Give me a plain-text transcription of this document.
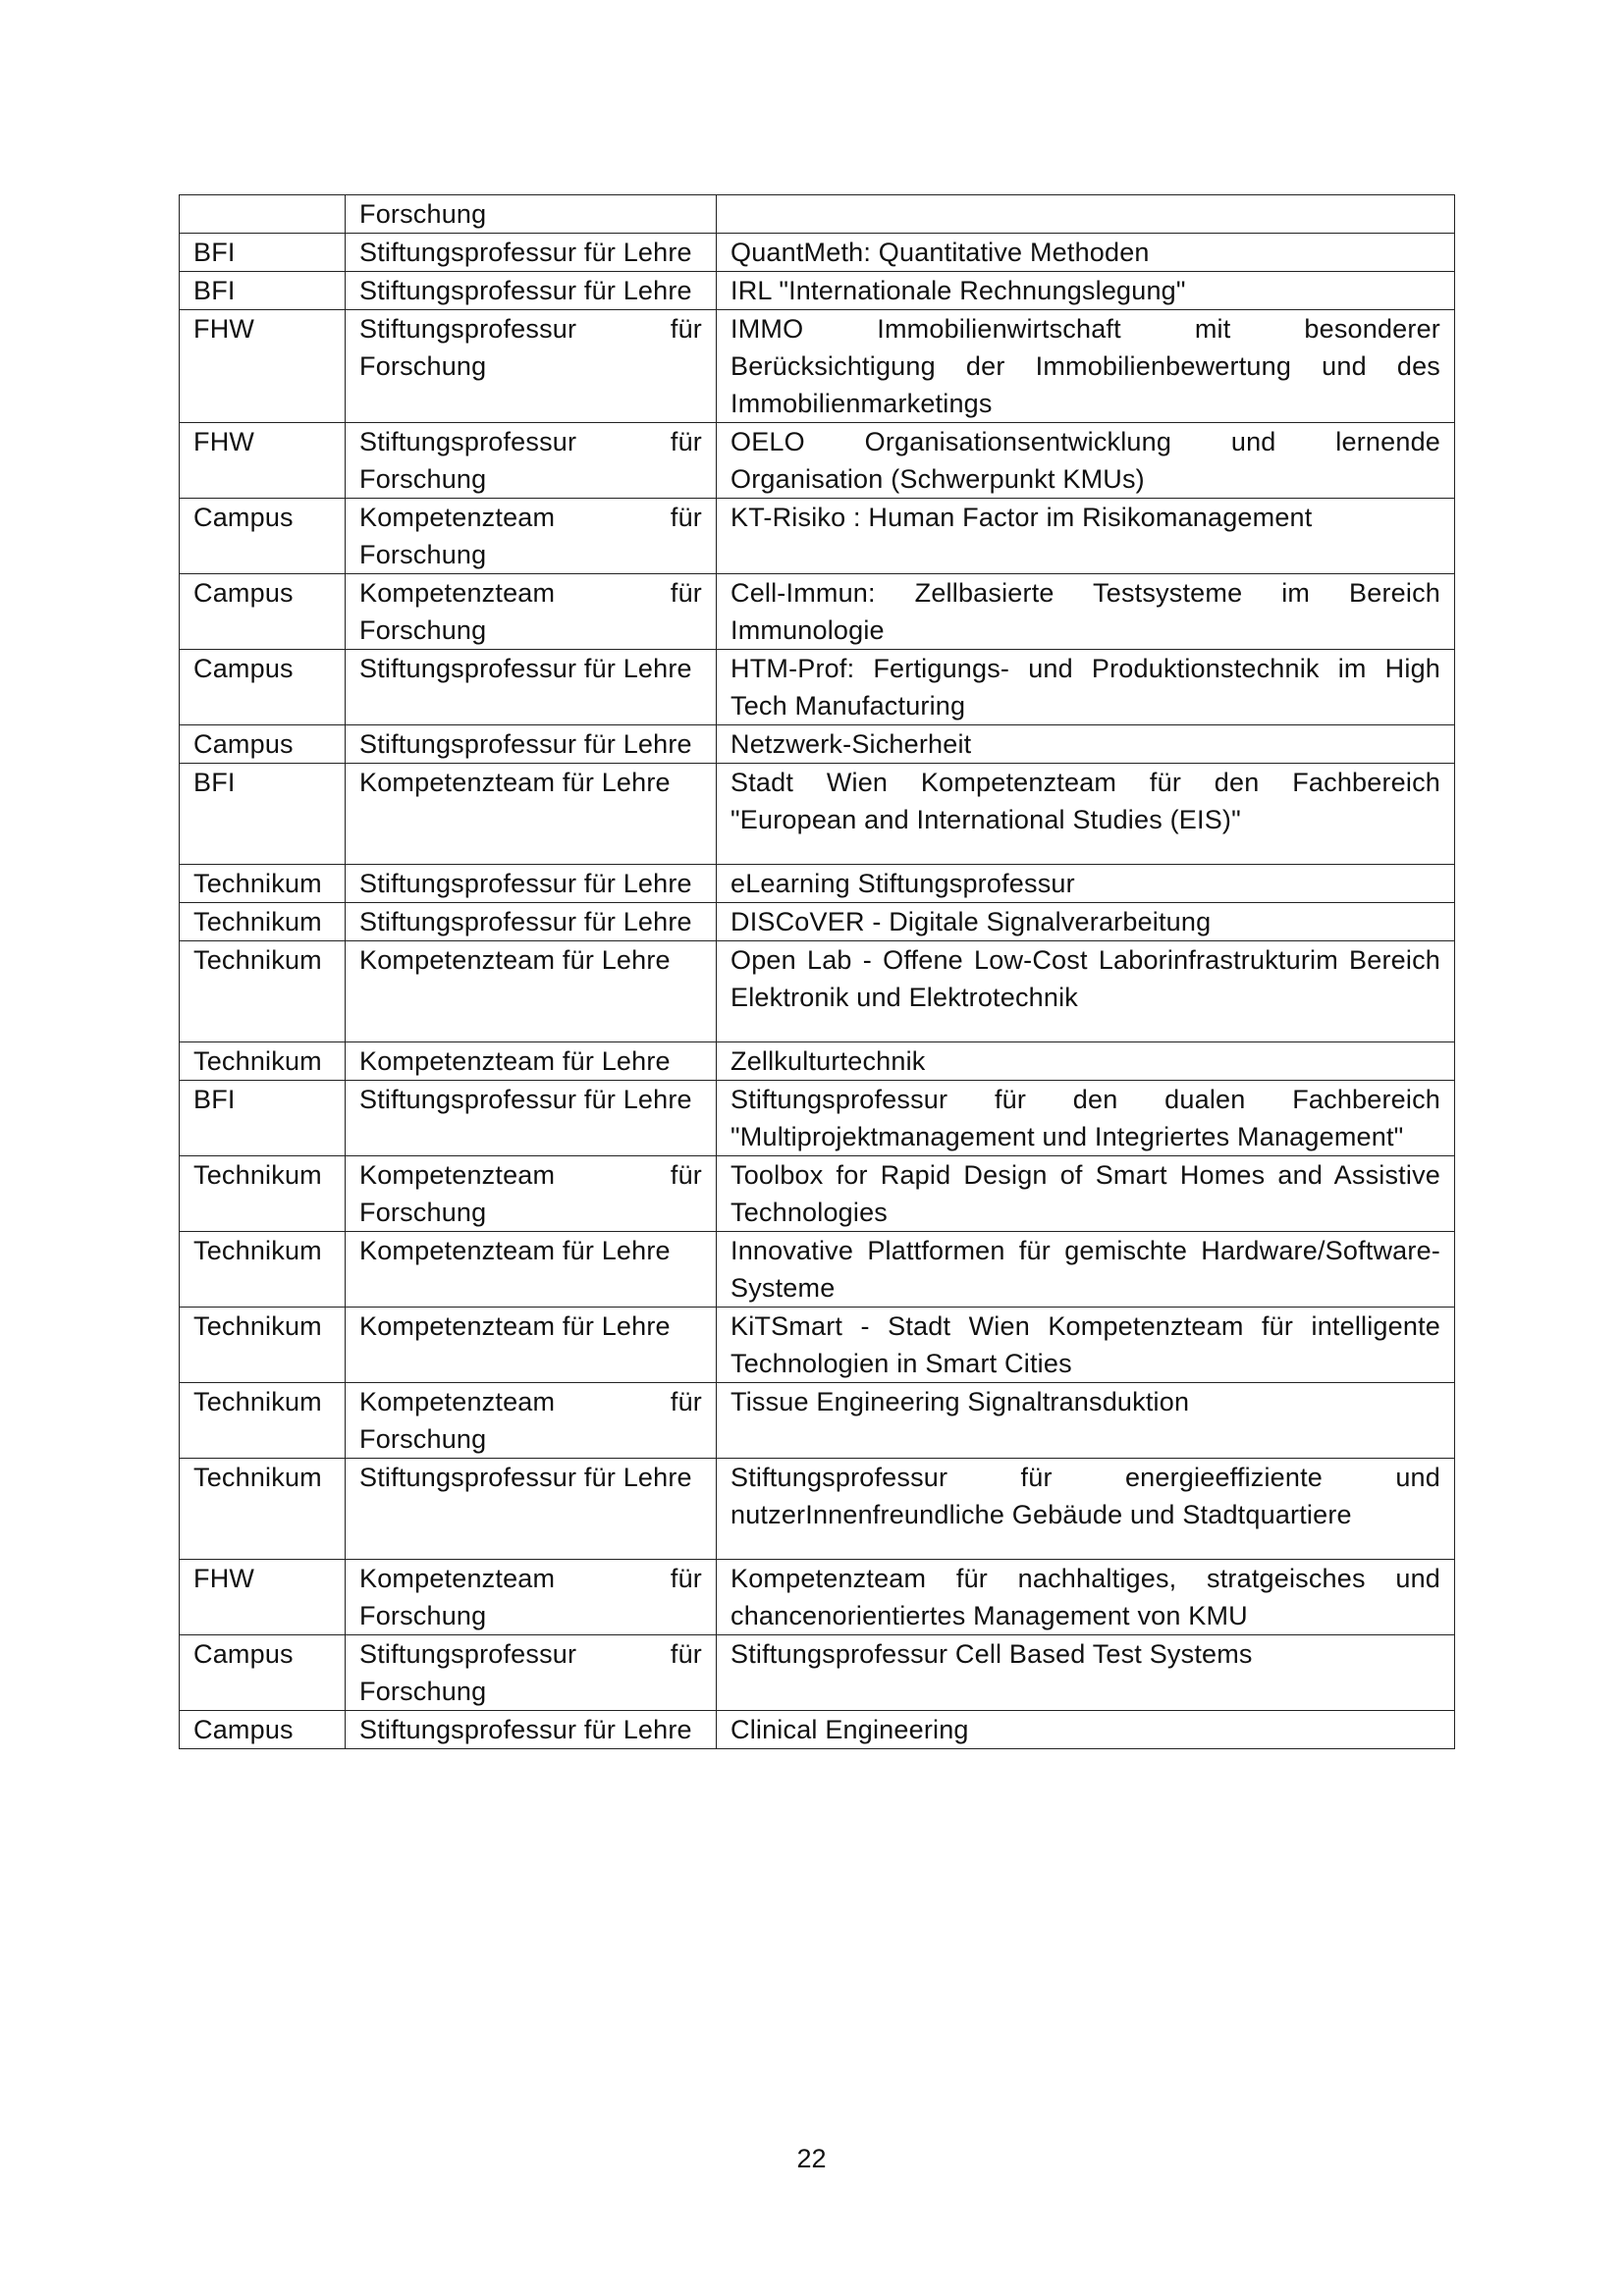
	Forschung	
BFI	Stiftungsprofessur für Lehre	QuantMeth: Quantitative Methoden
BFI	Stiftungsprofessur für Lehre	IRL "Internationale Rechnungslegung"
FHW	Stiftungsprofessur für Forschung	IMMO Immobilienwirtschaft mit besonderer Berücksichtigung der Immobilienbewertung und des Immobilienmarketings
FHW	Stiftungsprofessur für Forschung	OELO Organisationsentwicklung und lernende Organisation (Schwerpunkt KMUs)
Campus	Kompetenzteam für Forschung	KT-Risiko : Human Factor im Risikomanagement
Campus	Kompetenzteam für Forschung	Cell-Immun: Zellbasierte Testsysteme im Bereich Immunologie
Campus	Stiftungsprofessur für Lehre	HTM-Prof: Fertigungs- und Produktionstechnik im High Tech Manufacturing
Campus	Stiftungsprofessur für Lehre	Netzwerk-Sicherheit
BFI	Kompetenzteam für Lehre	Stadt Wien Kompetenzteam für den Fachbereich "European and International Studies (EIS)"
Technikum	Stiftungsprofessur für Lehre	eLearning Stiftungsprofessur
Technikum	Stiftungsprofessur für Lehre	DISCoVER - Digitale Signalverarbeitung
Technikum	Kompetenzteam für Lehre	Open Lab - Offene Low-Cost Laborinfrastrukturim Bereich Elektronik und Elektrotechnik
Technikum	Kompetenzteam für Lehre	Zellkulturtechnik
BFI	Stiftungsprofessur für Lehre	Stiftungsprofessur für den dualen Fachbereich "Multiprojektmanagement und Integriertes Management"
Technikum	Kompetenzteam für Forschung	Toolbox for Rapid Design of Smart Homes and Assistive Technologies
Technikum	Kompetenzteam für Lehre	Innovative Plattformen für gemischte Hardware/Software-Systeme
Technikum	Kompetenzteam für Lehre	KiTSmart - Stadt Wien Kompetenzteam für intelligente Technologien in Smart Cities
Technikum	Kompetenzteam für Forschung	Tissue Engineering Signaltransduktion
Technikum	Stiftungsprofessur für Lehre	Stiftungsprofessur für energieeffiziente und nutzerInnenfreundliche Gebäude und Stadtquartiere
FHW	Kompetenzteam für Forschung	Kompetenzteam für nachhaltiges, stratgeisches und chancenorientiertes Management von KMU
Campus	Stiftungsprofessur für Forschung	Stiftungsprofessur Cell Based Test Systems
Campus	Stiftungsprofessur für Lehre	Clinical Engineering
22
